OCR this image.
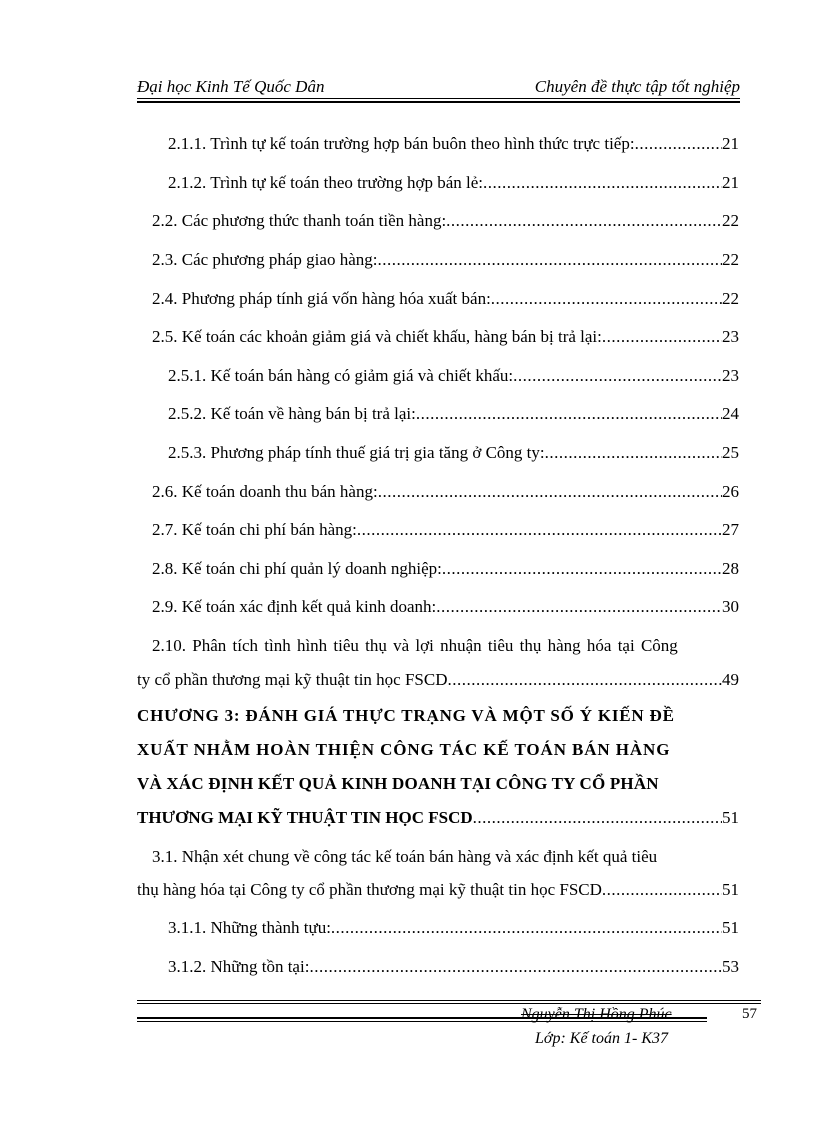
Đại học Kinh Tế Quốc Dân	Chuyên đề thực tập tốt nghiệp
2.1.1. Trình tự kế toán trường hợp bán buôn theo hình thức trực tiếp: .....	21
2.1.2. Trình tự kế toán theo trường hợp bán lẻ: .....	21
2.2. Các phương thức thanh toán tiền hàng: .....	22
2.3. Các phương pháp giao hàng: .....	22
2.4. Phương pháp tính giá vốn hàng hóa xuất bán: .....	22
2.5. Kế toán các khoản giảm giá và chiết khấu, hàng bán bị trả lại: .....	23
2.5.1. Kế toán bán hàng có giảm giá và chiết khấu: .....	23
2.5.2. Kế toán về hàng bán bị trả lại: .....	24
2.5.3. Phương pháp tính thuế giá trị gia tăng ở Công ty: .....	25
2.6. Kế toán doanh thu bán hàng: .....	26
2.7. Kế toán chi phí bán hàng: .....	27
2.8. Kế toán chi phí quản lý doanh nghiệp: .....	28
2.9. Kế toán xác định kết quả kinh doanh: .....	30
2.10. Phân tích tình hình tiêu thụ và lợi nhuận tiêu thụ hàng hóa tại Công
ty cổ phần thương mại kỹ thuật tin học FSCD .....	49
CHƯƠNG 3: ĐÁNH GIÁ THỰC TRẠNG VÀ MỘT SỐ Ý KIẾN ĐỀ
XUẤT NHẰM HOÀN THIỆN CÔNG TÁC KẾ TOÁN BÁN HÀNG
VÀ XÁC ĐỊNH KẾT QUẢ KINH DOANH TẠI CÔNG TY CỔ PHẦN
THƯƠNG MẠI KỸ THUẬT TIN HỌC FSCD .....	51
3.1. Nhận xét chung về công tác kế toán bán hàng và xác định kết quả tiêu
thụ hàng hóa tại Công ty cổ phần thương mại kỹ thuật tin học FSCD .....	51
3.1.1. Những thành tựu: .....	51
3.1.2. Những tồn tại: .....	53
Nguyễn Thị Hồng Phúc	57
Lớp: Kế toán 1- K37
